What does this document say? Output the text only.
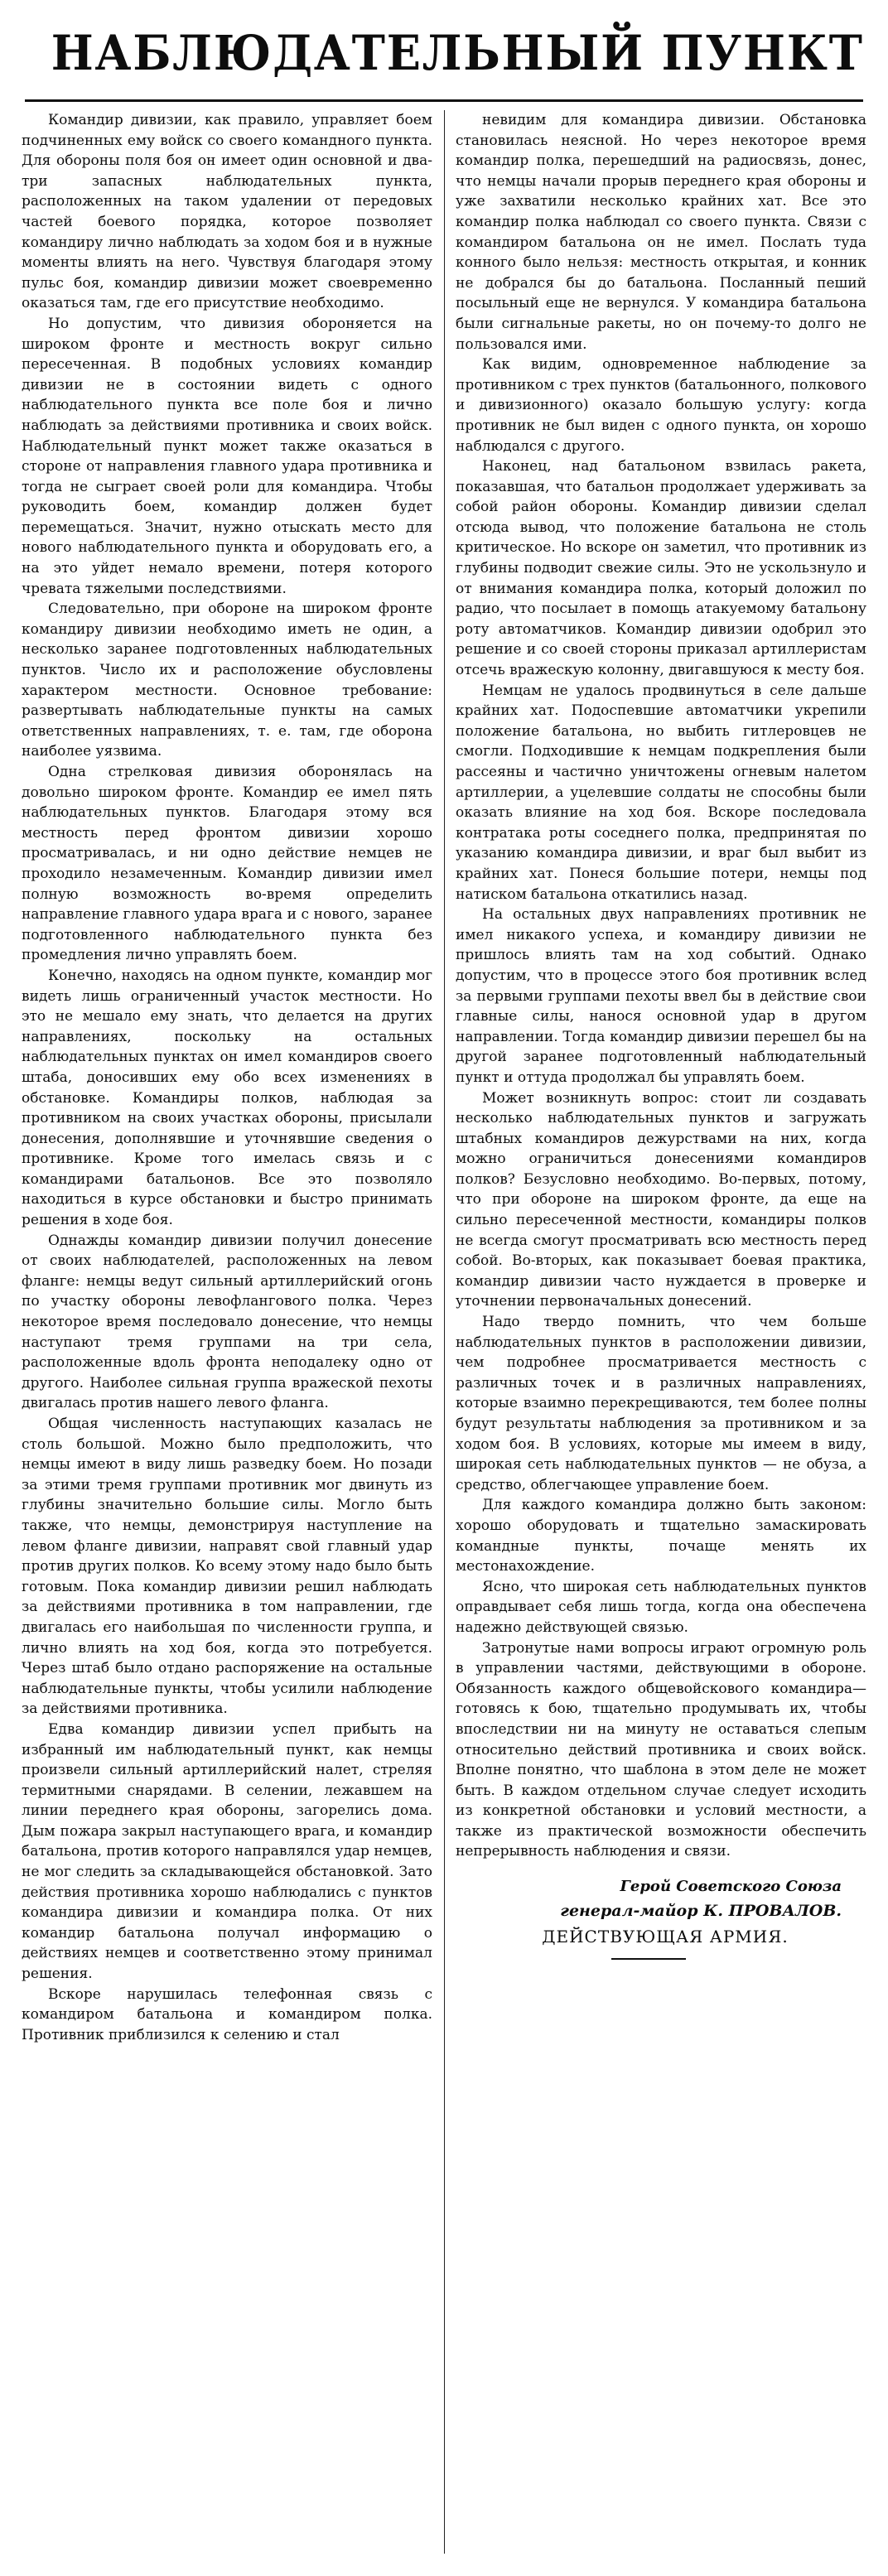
НАБЛЮДАТЕЛЬНЫЙ ПУНКТ

Командир дивизии, как правило, управляет боем подчиненных ему войск со своего командного пункта. Для обороны поля боя он имеет один основной и два-три запасных наблюдательных пункта, расположенных на таком удалении от передовых частей боевого порядка, которое позволяет командиру лично наблюдать за ходом боя и в нужные моменты влиять на него. Чувствуя благодаря этому пульс боя, командир дивизии может своевременно оказаться там, где его присутствие необходимо.

Но допустим, что дивизия обороняется на широком фронте и местность вокруг сильно пересеченная. В подобных условиях командир дивизии не в состоянии видеть с одного наблюдательного пункта все поле боя и лично наблюдать за действиями противника и своих войск. Наблюдательный пункт может также оказаться в стороне от направления главного удара противника и тогда не сыграет своей роли для командира. Чтобы руководить боем, командир должен будет перемещаться. Значит, нужно отыскать место для нового наблюдательного пункта и оборудовать его, а на это уйдет немало времени, потеря которого чревата тяжелыми последствиями.

Следовательно, при обороне на широком фронте командиру дивизии необходимо иметь не один, а несколько заранее подготовленных наблюдательных пунктов. Число их и расположение обусловлены характером местности. Основное требование: развертывать наблюдательные пункты на самых ответственных направлениях, т. е. там, где оборона наиболее уязвима.

Одна стрелковая дивизия оборонялась на довольно широком фронте. Командир ее имел пять наблюдательных пунктов. Благодаря этому вся местность перед фронтом дивизии хорошо просматривалась, и ни одно действие немцев не проходило незамеченным. Командир дивизии имел полную возможность во-время определить направление главного удара врага и с нового, заранее подготовленного наблюдательного пункта без промедления лично управлять боем.

Конечно, находясь на одном пункте, командир мог видеть лишь ограниченный участок местности. Но это не мешало ему знать, что делается на других направлениях, поскольку на остальных наблюдательных пунктах он имел командиров своего штаба, доносивших ему обо всех изменениях в обстановке. Командиры полков, наблюдая за противником на своих участках обороны, присылали донесения, дополнявшие и уточнявшие сведения о противнике. Кроме того имелась связь и с командирами батальонов. Все это позволяло находиться в курсе обстановки и быстро принимать решения в ходе боя.

Однажды командир дивизии получил донесение от своих наблюдателей, расположенных на левом фланге: немцы ведут сильный артиллерийский огонь по участку обороны левофлангового полка. Через некоторое время последовало донесение, что немцы наступают тремя группами на три села, расположенные вдоль фронта неподалеку одно от другого. Наиболее сильная группа вражеской пехоты двигалась против нашего левого фланга.

Общая численность наступающих казалась не столь большой. Можно было предположить, что немцы имеют в виду лишь разведку боем. Но позади за этими тремя группами противник мог двинуть из глубины значительно большие силы. Могло быть также, что немцы, демонстрируя наступление на левом фланге дивизии, направят свой главный удар против других полков. Ко всему этому надо было быть готовым. Пока командир дивизии решил наблюдать за действиями противника в том направлении, где двигалась его наибольшая по численности группа, и лично влиять на ход боя, когда это потребуется. Через штаб было отдано распоряжение на остальные наблюдательные пункты, чтобы усилили наблюдение за действиями противника.

Едва командир дивизии успел прибыть на избранный им наблюдательный пункт, как немцы произвели сильный артиллерийский налет, стреляя термитными снарядами. В селении, лежавшем на линии переднего края обороны, загорелись дома. Дым пожара закрыл наступающего врага, и командир батальона, против которого направлялся удар немцев, не мог следить за складывающейся обстановкой. Зато действия противника хорошо наблюдались с пунктов командира дивизии и командира полка. От них командир батальона получал информацию о действиях немцев и соответственно этому принимал решения.

Вскоре нарушилась телефонная связь с командиром батальона и командиром полка. Противник приблизился к селению и стал

невидим для командира дивизии. Обстановка становилась неясной. Но через некоторое время командир полка, перешедший на радиосвязь, донес, что немцы начали прорыв переднего края обороны и уже захватили несколько крайних хат. Все это командир полка наблюдал со своего пункта. Связи с командиром батальона он не имел. Послать туда конного было нельзя: местность открытая, и конник не добрался бы до батальона. Посланный пеший посыльный еще не вернулся. У командира батальона были сигнальные ракеты, но он почему-то долго не пользовался ими.

Как видим, одновременное наблюдение за противником с трех пунктов (батальонного, полкового и дивизионного) оказало большую услугу: когда противник не был виден с одного пункта, он хорошо наблюдался с другого.

Наконец, над батальоном взвилась ракета, показавшая, что батальон продолжает удерживать за собой район обороны. Командир дивизии сделал отсюда вывод, что положение батальона не столь критическое. Но вскоре он заметил, что противник из глубины подводит свежие силы. Это не ускользнуло и от внимания командира полка, который доложил по радио, что посылает в помощь атакуемому батальону роту автоматчиков. Командир дивизии одобрил это решение и со своей стороны приказал артиллеристам отсечь вражескую колонну, двигавшуюся к месту боя.

Немцам не удалось продвинуться в селе дальше крайних хат. Подоспевшие автоматчики укрепили положение батальона, но выбить гитлеровцев не смогли. Подходившие к немцам подкрепления были рассеяны и частично уничтожены огневым налетом артиллерии, а уцелевшие солдаты не способны были оказать влияние на ход боя. Вскоре последовала контратака роты соседнего полка, предпринятая по указанию командира дивизии, и враг был выбит из крайних хат. Понеся большие потери, немцы под натиском батальона откатились назад.

На остальных двух направлениях противник не имел никакого успеха, и командиру дивизии не пришлось влиять там на ход событий. Однако допустим, что в процессе этого боя противник вслед за первыми группами пехоты ввел бы в действие свои главные силы, нанося основной удар в другом направлении. Тогда командир дивизии перешел бы на другой заранее подготовленный наблюдательный пункт и оттуда продолжал бы управлять боем.

Может возникнуть вопрос: стоит ли создавать несколько наблюдательных пунктов и загружать штабных командиров дежурствами на них, когда можно ограничиться донесениями командиров полков? Безусловно необходимо. Во-первых, потому, что при обороне на широком фронте, да еще на сильно пересеченной местности, командиры полков не всегда смогут просматривать всю местность перед собой. Во-вторых, как показывает боевая практика, командир дивизии часто нуждается в проверке и уточнении первоначальных донесений.

Надо твердо помнить, что чем больше наблюдательных пунктов в расположении дивизии, чем подробнее просматривается местность с различных точек и в различных направлениях, которые взаимно перекрещиваются, тем более полны будут результаты наблюдения за противником и за ходом боя. В условиях, которые мы имеем в виду, широкая сеть наблюдательных пунктов — не обуза, а средство, облегчающее управление боем.

Для каждого командира должно быть законом: хорошо оборудовать и тщательно замаскировать командные пункты, почаще менять их местонахождение.

Ясно, что широкая сеть наблюдательных пунктов оправдывает себя лишь тогда, когда она обеспечена надежно действующей связью.

Затронутые нами вопросы играют огромную роль в управлении частями, действующими в обороне. Обязанность каждого общевойскового командира—готовясь к бою, тщательно продумывать их, чтобы впоследствии ни на минуту не оставаться слепым относительно действий противника и своих войск. Вполне понятно, что шаблона в этом деле не может быть. В каждом отдельном случае следует исходить из конкретной обстановки и условий местности, а также из практической возможности обеспечить непрерывность наблюдения и связи.

Герой Советского Союза
генерал-майор К. ПРОВАЛОВ.
ДЕЙСТВУЮЩАЯ АРМИЯ.
